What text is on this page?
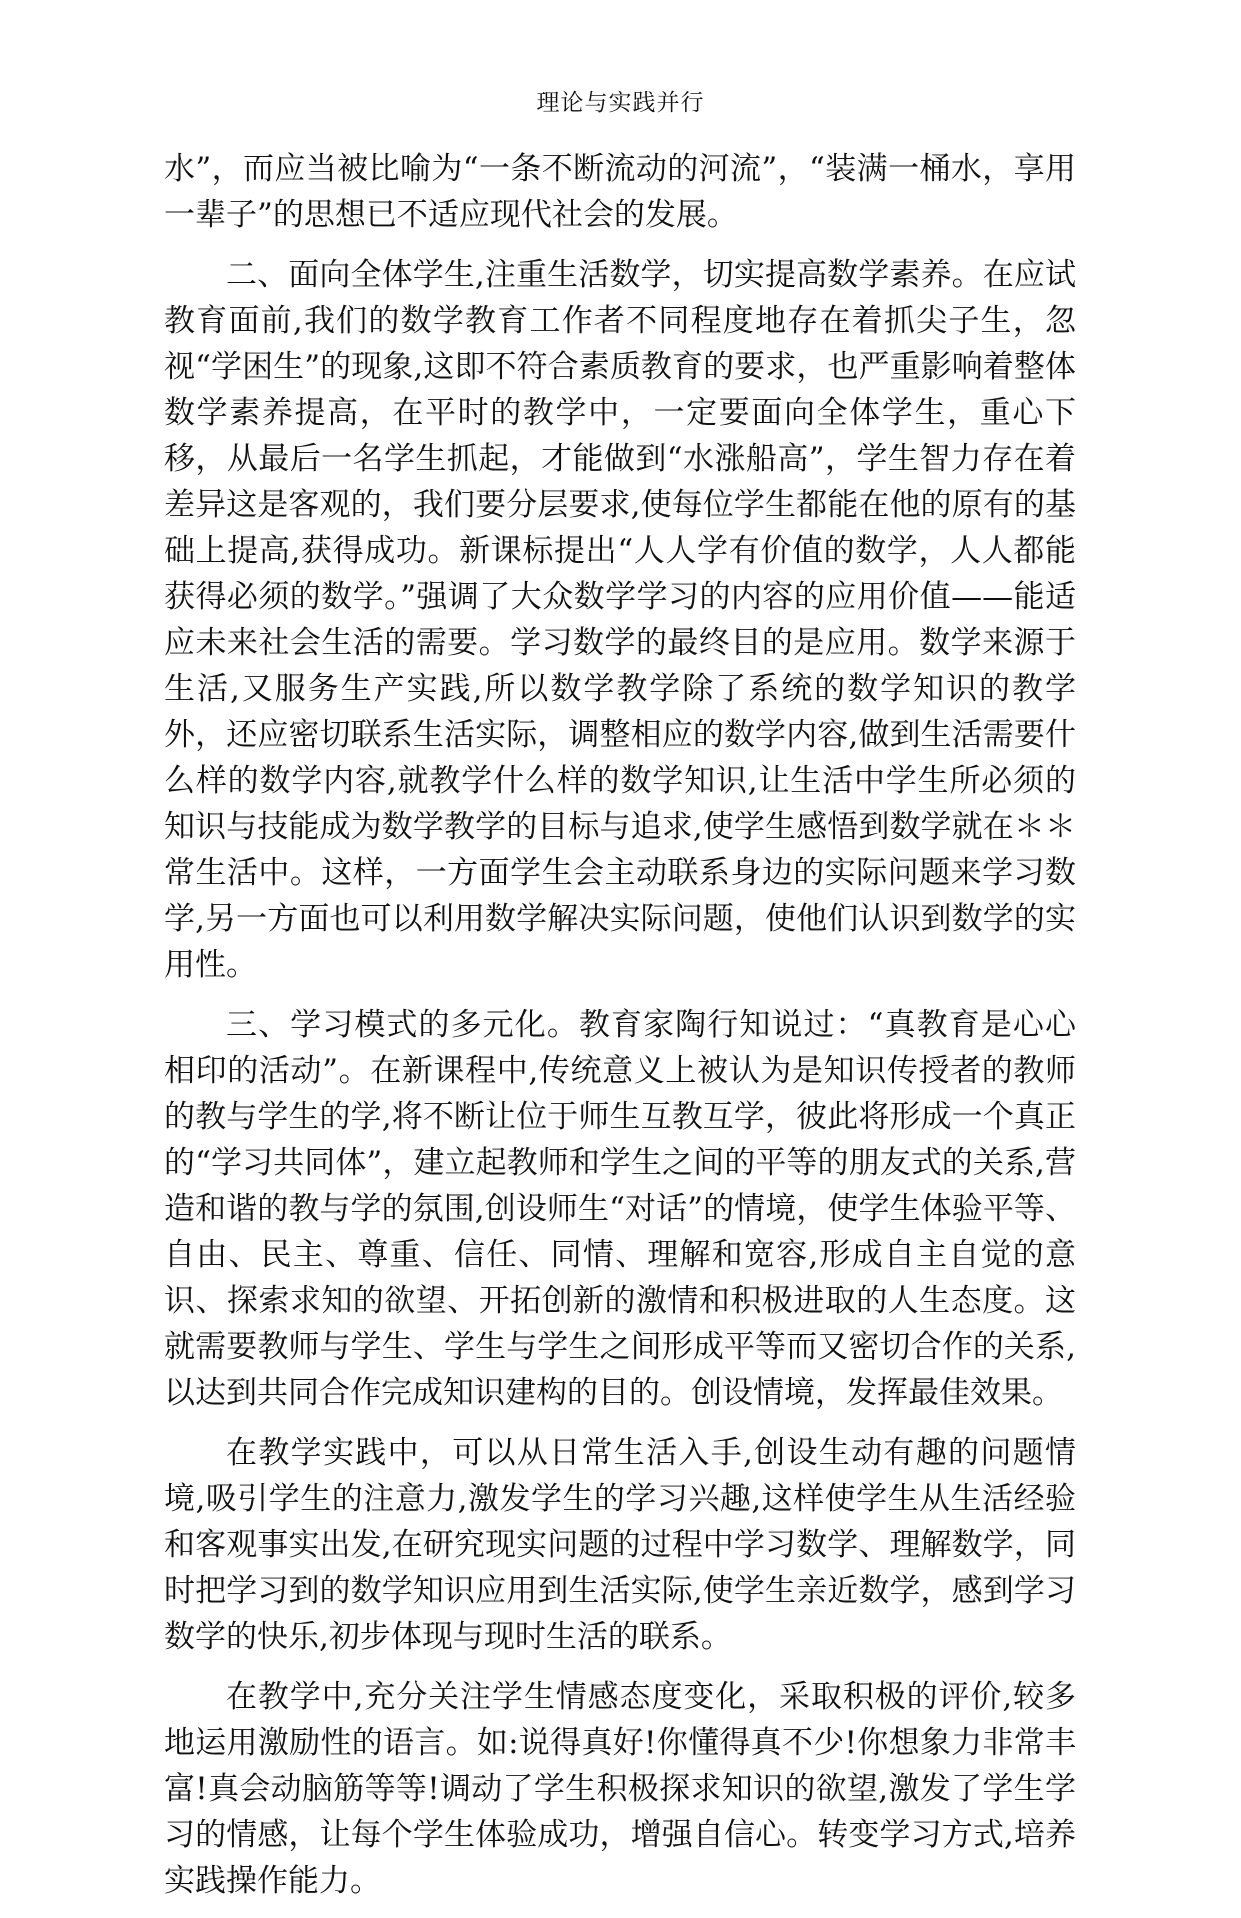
理论与实践并行

水”，而应当被比喻为“一条不断流动的河流”，“装满一桶水，享用一辈子”的思想已不适应现代社会的发展。

二、面向全体学生,注重生活数学，切实提高数学素养。在应试教育面前,我们的数学教育工作者不同程度地存在着抓尖子生，忽视“学困生”的现象,这即不符合素质教育的要求，也严重影响着整体数学素养提高，在平时的教学中，一定要面向全体学生，重心下移，从最后一名学生抓起，才能做到“水涨船高”，学生智力存在着差异这是客观的，我们要分层要求,使每位学生都能在他的原有的基础上提高,获得成功。新课标提出“人人学有价值的数学，人人都能获得必须的数学。”强调了大众数学学习的内容的应用价值——能适应未来社会生活的需要。学习数学的最终目的是应用。数学来源于生活,又服务生产实践,所以数学教学除了系统的数学知识的教学外，还应密切联系生活实际，调整相应的数学内容,做到生活需要什么样的数学内容,就教学什么样的数学知识,让生活中学生所必须的知识与技能成为数学教学的目标与追求,使学生感悟到数学就在＊＊常生活中。这样，一方面学生会主动联系身边的实际问题来学习数学,另一方面也可以利用数学解决实际问题，使他们认识到数学的实用性。

三、学习模式的多元化。教育家陶行知说过：“真教育是心心相印的活动”。在新课程中,传统意义上被认为是知识传授者的教师的教与学生的学,将不断让位于师生互教互学，彼此将形成一个真正的“学习共同体”，建立起教师和学生之间的平等的朋友式的关系,营造和谐的教与学的氛围,创设师生“对话”的情境，使学生体验平等、自由、民主、尊重、信任、同情、理解和宽容,形成自主自觉的意识、探索求知的欲望、开拓创新的激情和积极进取的人生态度。这就需要教师与学生、学生与学生之间形成平等而又密切合作的关系,以达到共同合作完成知识建构的目的。创设情境，发挥最佳效果。

在教学实践中，可以从日常生活入手,创设生动有趣的问题情境,吸引学生的注意力,激发学生的学习兴趣,这样使学生从生活经验和客观事实出发,在研究现实问题的过程中学习数学、理解数学，同时把学习到的数学知识应用到生活实际,使学生亲近数学，感到学习数学的快乐,初步体现与现时生活的联系。

在教学中,充分关注学生情感态度变化，采取积极的评价,较多地运用激励性的语言。如:说得真好!你懂得真不少!你想象力非常丰富!真会动脑筋等等!调动了学生积极探求知识的欲望,激发了学生学习的情感，让每个学生体验成功，增强自信心。转变学习方式,培养实践操作能力。
